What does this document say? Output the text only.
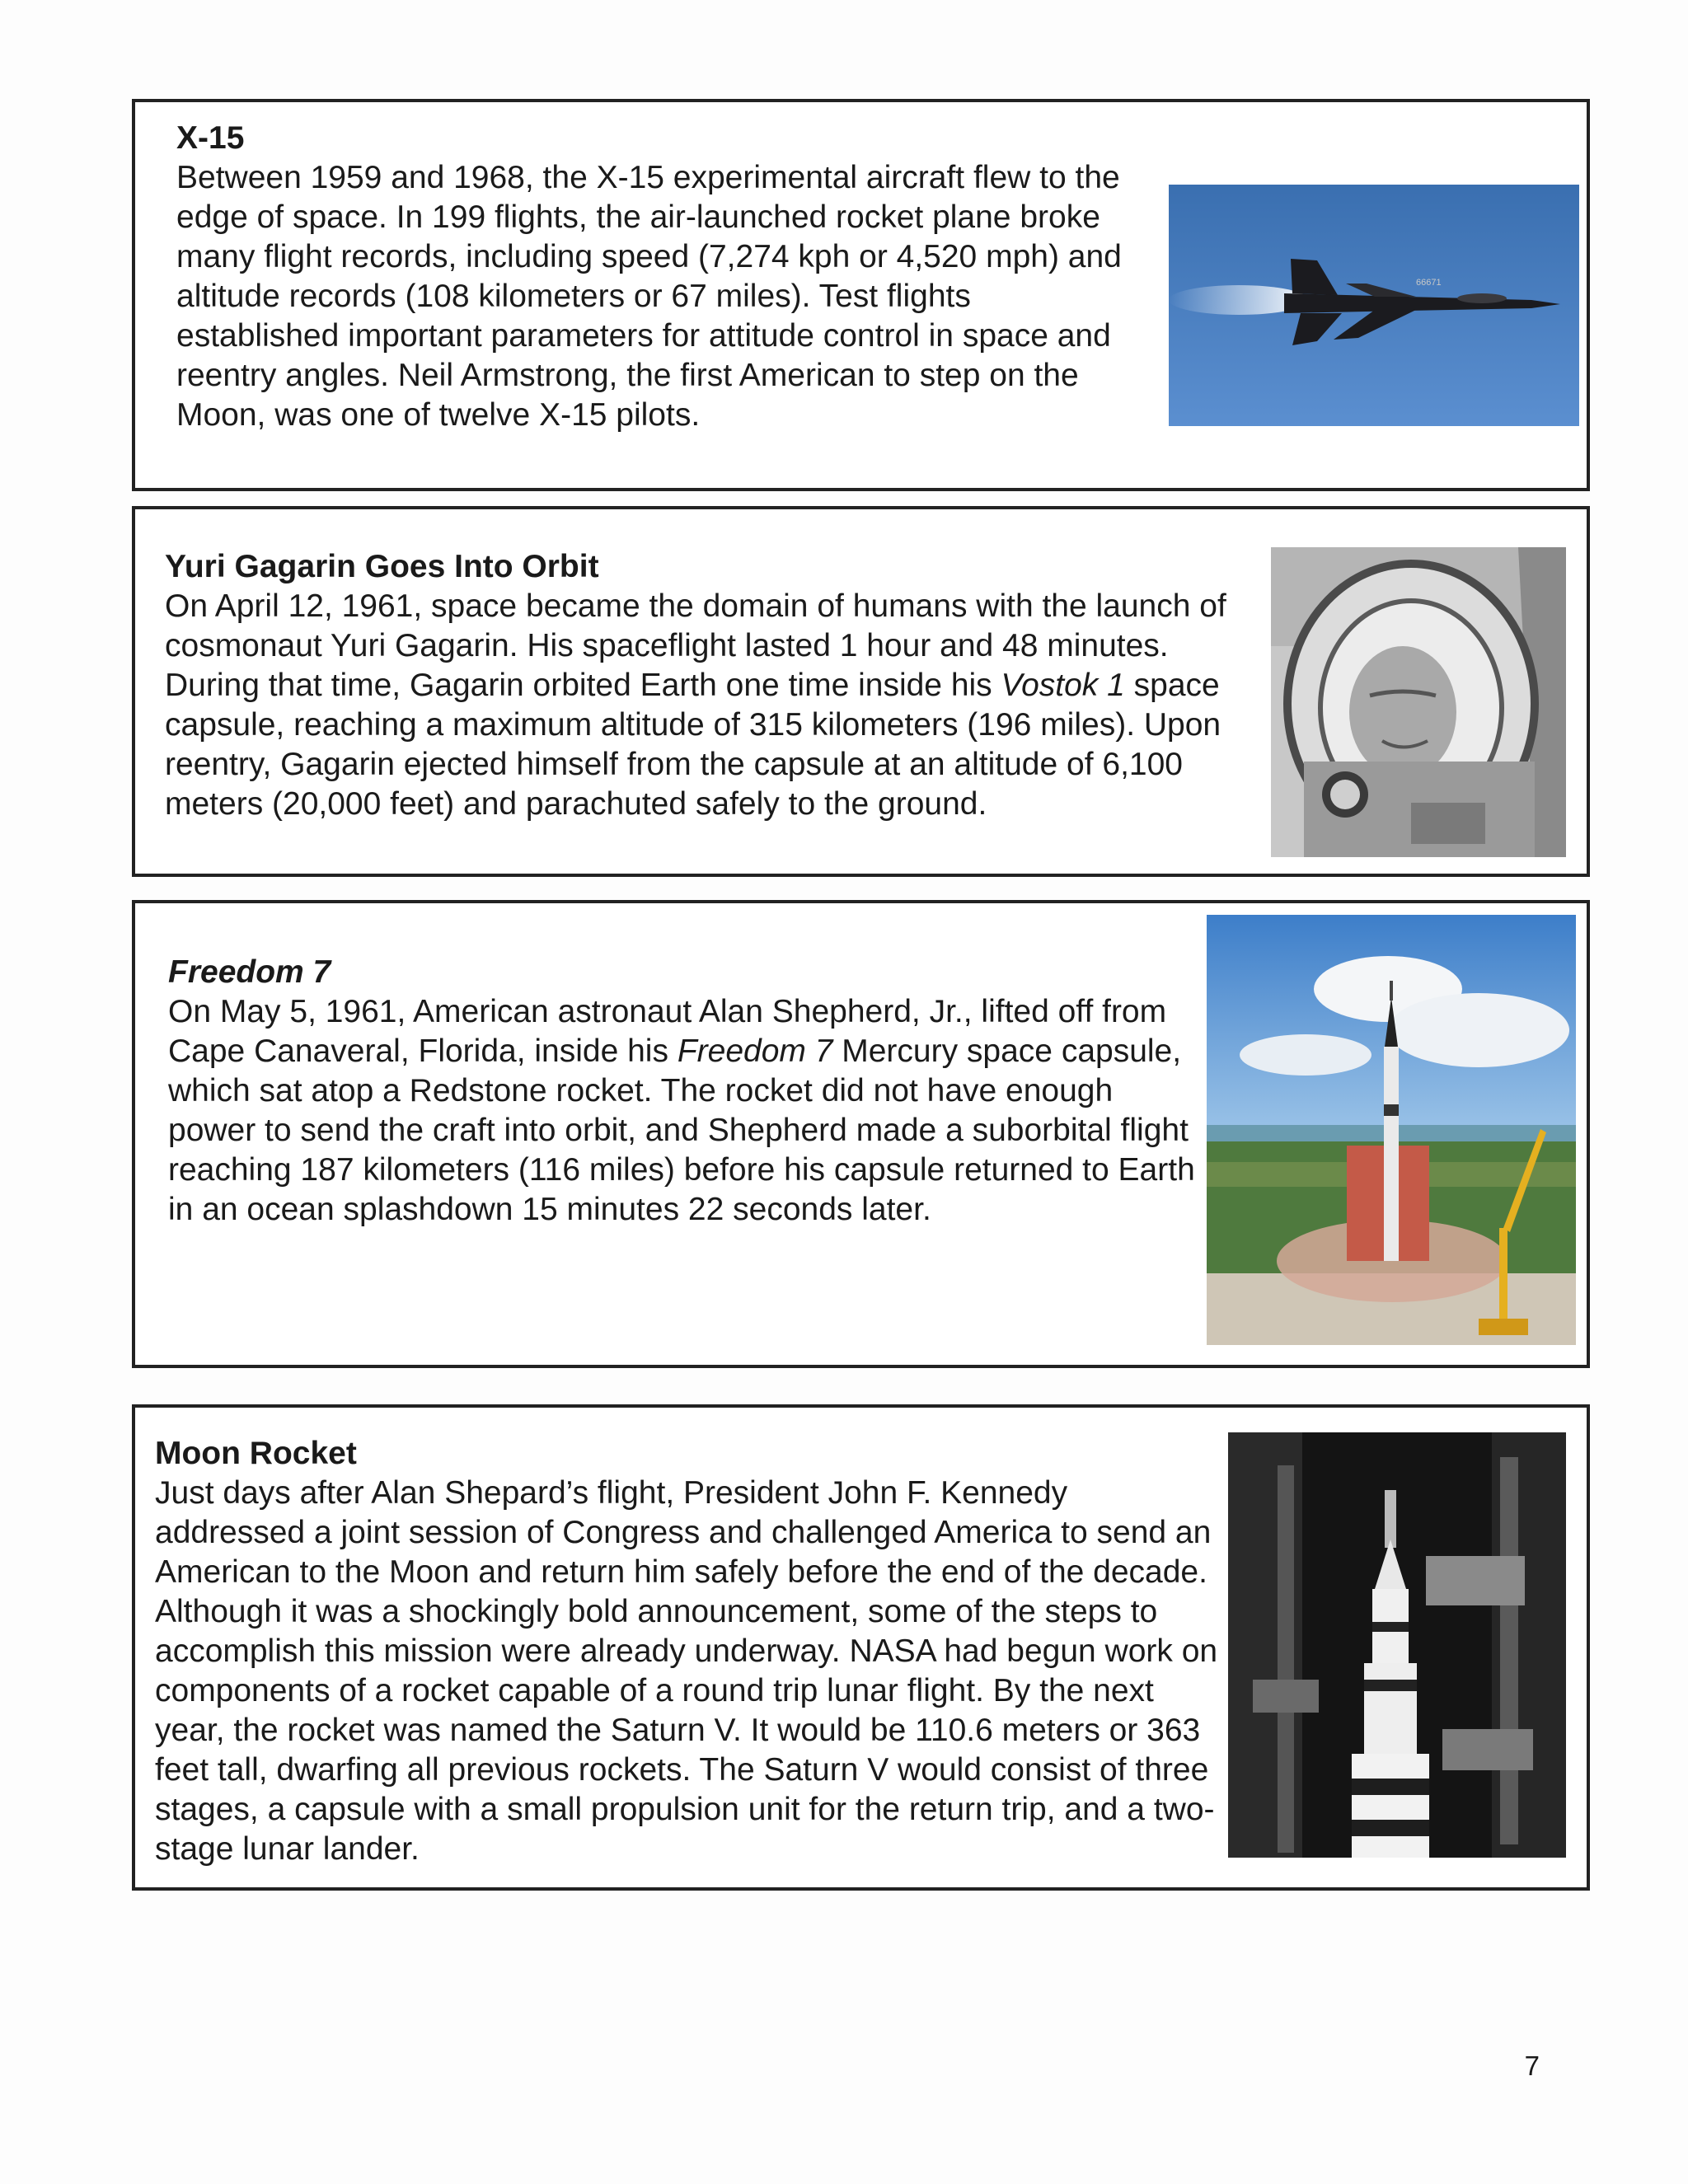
X-15

Between 1959 and 1968, the X-15 experimental aircraft flew to the edge of space. In 199 flights, the air-launched rocket plane broke many flight records, including speed (7,274 kph or 4,520 mph) and altitude records (108 kilometers or 67 miles). Test flights established important parameters for attitude control in space and reentry angles. Neil Armstrong, the first American to step on the Moon, was one of twelve X-15 pilots.

66671
Yuri Gagarin Goes Into Orbit

On April 12, 1961, space became the domain of humans with the launch of cosmonaut Yuri Gagarin. His spaceflight lasted 1 hour and 48 minutes. During that time, Gagarin orbited Earth one time inside his Vostok 1 space capsule, reaching a maximum altitude of 315 kilometers (196 miles). Upon reentry, Gagarin ejected himself from the capsule at an altitude of 6,100 meters (20,000 feet) and parachuted safely to the ground.

Freedom 7

On May 5, 1961, American astronaut Alan Shepherd, Jr., lifted off from Cape Canaveral, Florida, inside his Freedom 7 Mercury space capsule, which sat atop a Redstone rocket. The rocket did not have enough power to send the craft into orbit, and Shepherd made a suborbital flight reaching 187 kilometers (116 miles) before his capsule returned to Earth in an ocean splashdown 15 minutes 22 seconds later.

Moon Rocket

Just days after Alan Shepard’s flight, President John F. Kennedy addressed a joint session of Congress and challenged America to send an American to the Moon and return him safely before the end of the decade. Although it was a shockingly bold announcement, some of the steps to accomplish this mission were already underway. NASA had begun work on components of a rocket capable of a round trip lunar flight. By the next year, the rocket was named the Saturn V. It would be 110.6 meters or 363 feet tall, dwarfing all previous rockets. The Saturn V would consist of three stages, a capsule with a small propulsion unit for the return trip, and a two-stage lunar lander.

7
